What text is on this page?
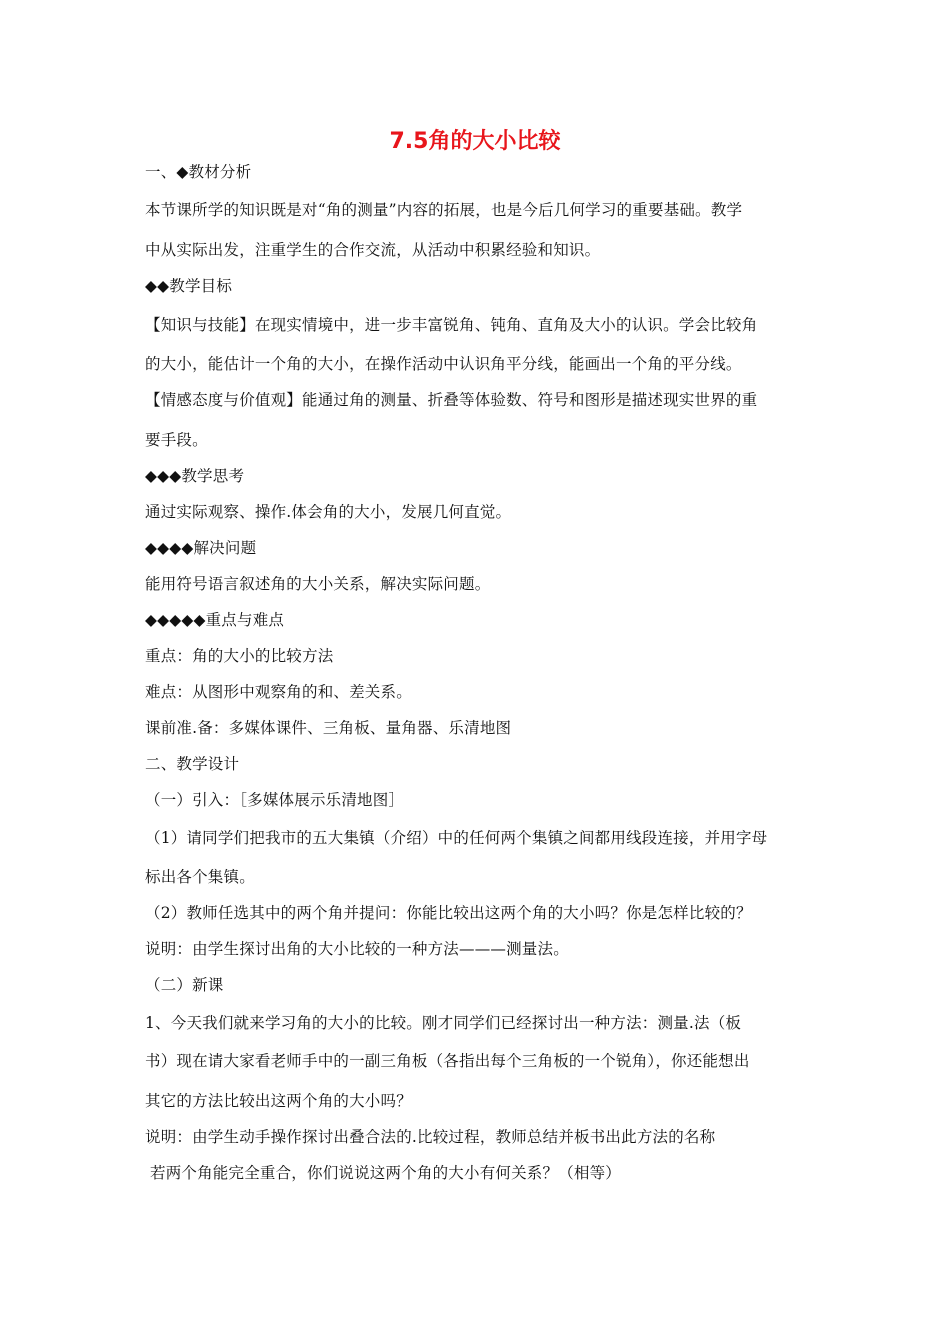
7.5角的大小比较
一、◆教材分析
本节课所学的知识既是对“角的测量”内容的拓展，也是今后几何学习的重要基础。教学
中从实际出发，注重学生的合作交流，从活动中积累经验和知识。
◆◆教学目标
【知识与技能】在现实情境中，进一步丰富锐角、钝角、直角及大小的认识。学会比较角
的大小，能估计一个角的大小，在操作活动中认识角平分线，能画出一个角的平分线。
【情感态度与价值观】能通过角的测量、折叠等体验数、符号和图形是描述现实世界的重
要手段。
◆◆◆教学思考
通过实际观察、操作.体会角的大小，发展几何直觉。
◆◆◆◆解决问题
能用符号语言叙述角的大小关系，解决实际问题。
◆◆◆◆◆重点与难点
重点：角的大小的比较方法
难点：从图形中观察角的和、差关系。
课前准.备：多媒体课件、三角板、量角器、乐清地图
二、教学设计
（一）引入：［多媒体展示乐清地图］
（1）请同学们把我市的五大集镇（介绍）中的任何两个集镇之间都用线段连接，并用字母
标出各个集镇。
（2）教师任选其中的两个角并提问：你能比较出这两个角的大小吗？你是怎样比较的？
说明：由学生探讨出角的大小比较的一种方法———测量法。
（二）新课
1、今天我们就来学习角的大小的比较。刚才同学们已经探讨出一种方法：测量.法（板
书）现在请大家看老师手中的一副三角板（各指出每个三角板的一个锐角），你还能想出
其它的方法比较出这两个角的大小吗？
说明：由学生动手操作探讨出叠合法的.比较过程，教师总结并板书出此方法的名称
若两个角能完全重合，你们说说这两个角的大小有何关系？（相等）
